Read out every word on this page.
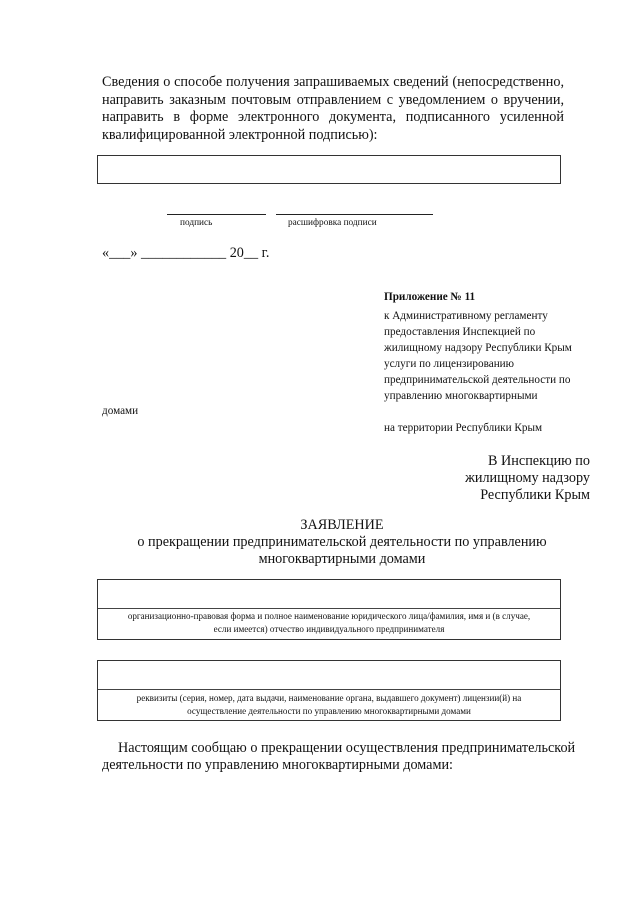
Сведения о способе получения запрашиваемых сведений (непосредственно, направить заказным почтовым отправлением с уведомлением о вручении, направить в форме электронного документа, подписанного усиленной квалифицированной электронной подписью):
подпись	расшифровка подписи
«___» ____________ 20__ г.
Приложение № 11
к Административному регламенту
предоставления Инспекцией по
жилищному надзору Республики Крым
услуги по лицензированию
предпринимательской деятельности по
управлению многоквартирными
домами
на территории Республики Крым
В Инспекцию по
жилищному надзору
Республики Крым
ЗАЯВЛЕНИЕ
о прекращении предпринимательской деятельности по управлению
многоквартирными домами
организационно-правовая форма и полное наименование юридического лица/фамилия, имя и (в случае,
если имеется) отчество индивидуального предпринимателя
реквизиты (серия, номер, дата выдачи, наименование органа, выдавшего документ) лицензии(й) на
осуществление деятельности по управлению многоквартирными домами
Настоящим сообщаю о прекращении осуществления предпринимательской
деятельности по управлению многоквартирными домами:
